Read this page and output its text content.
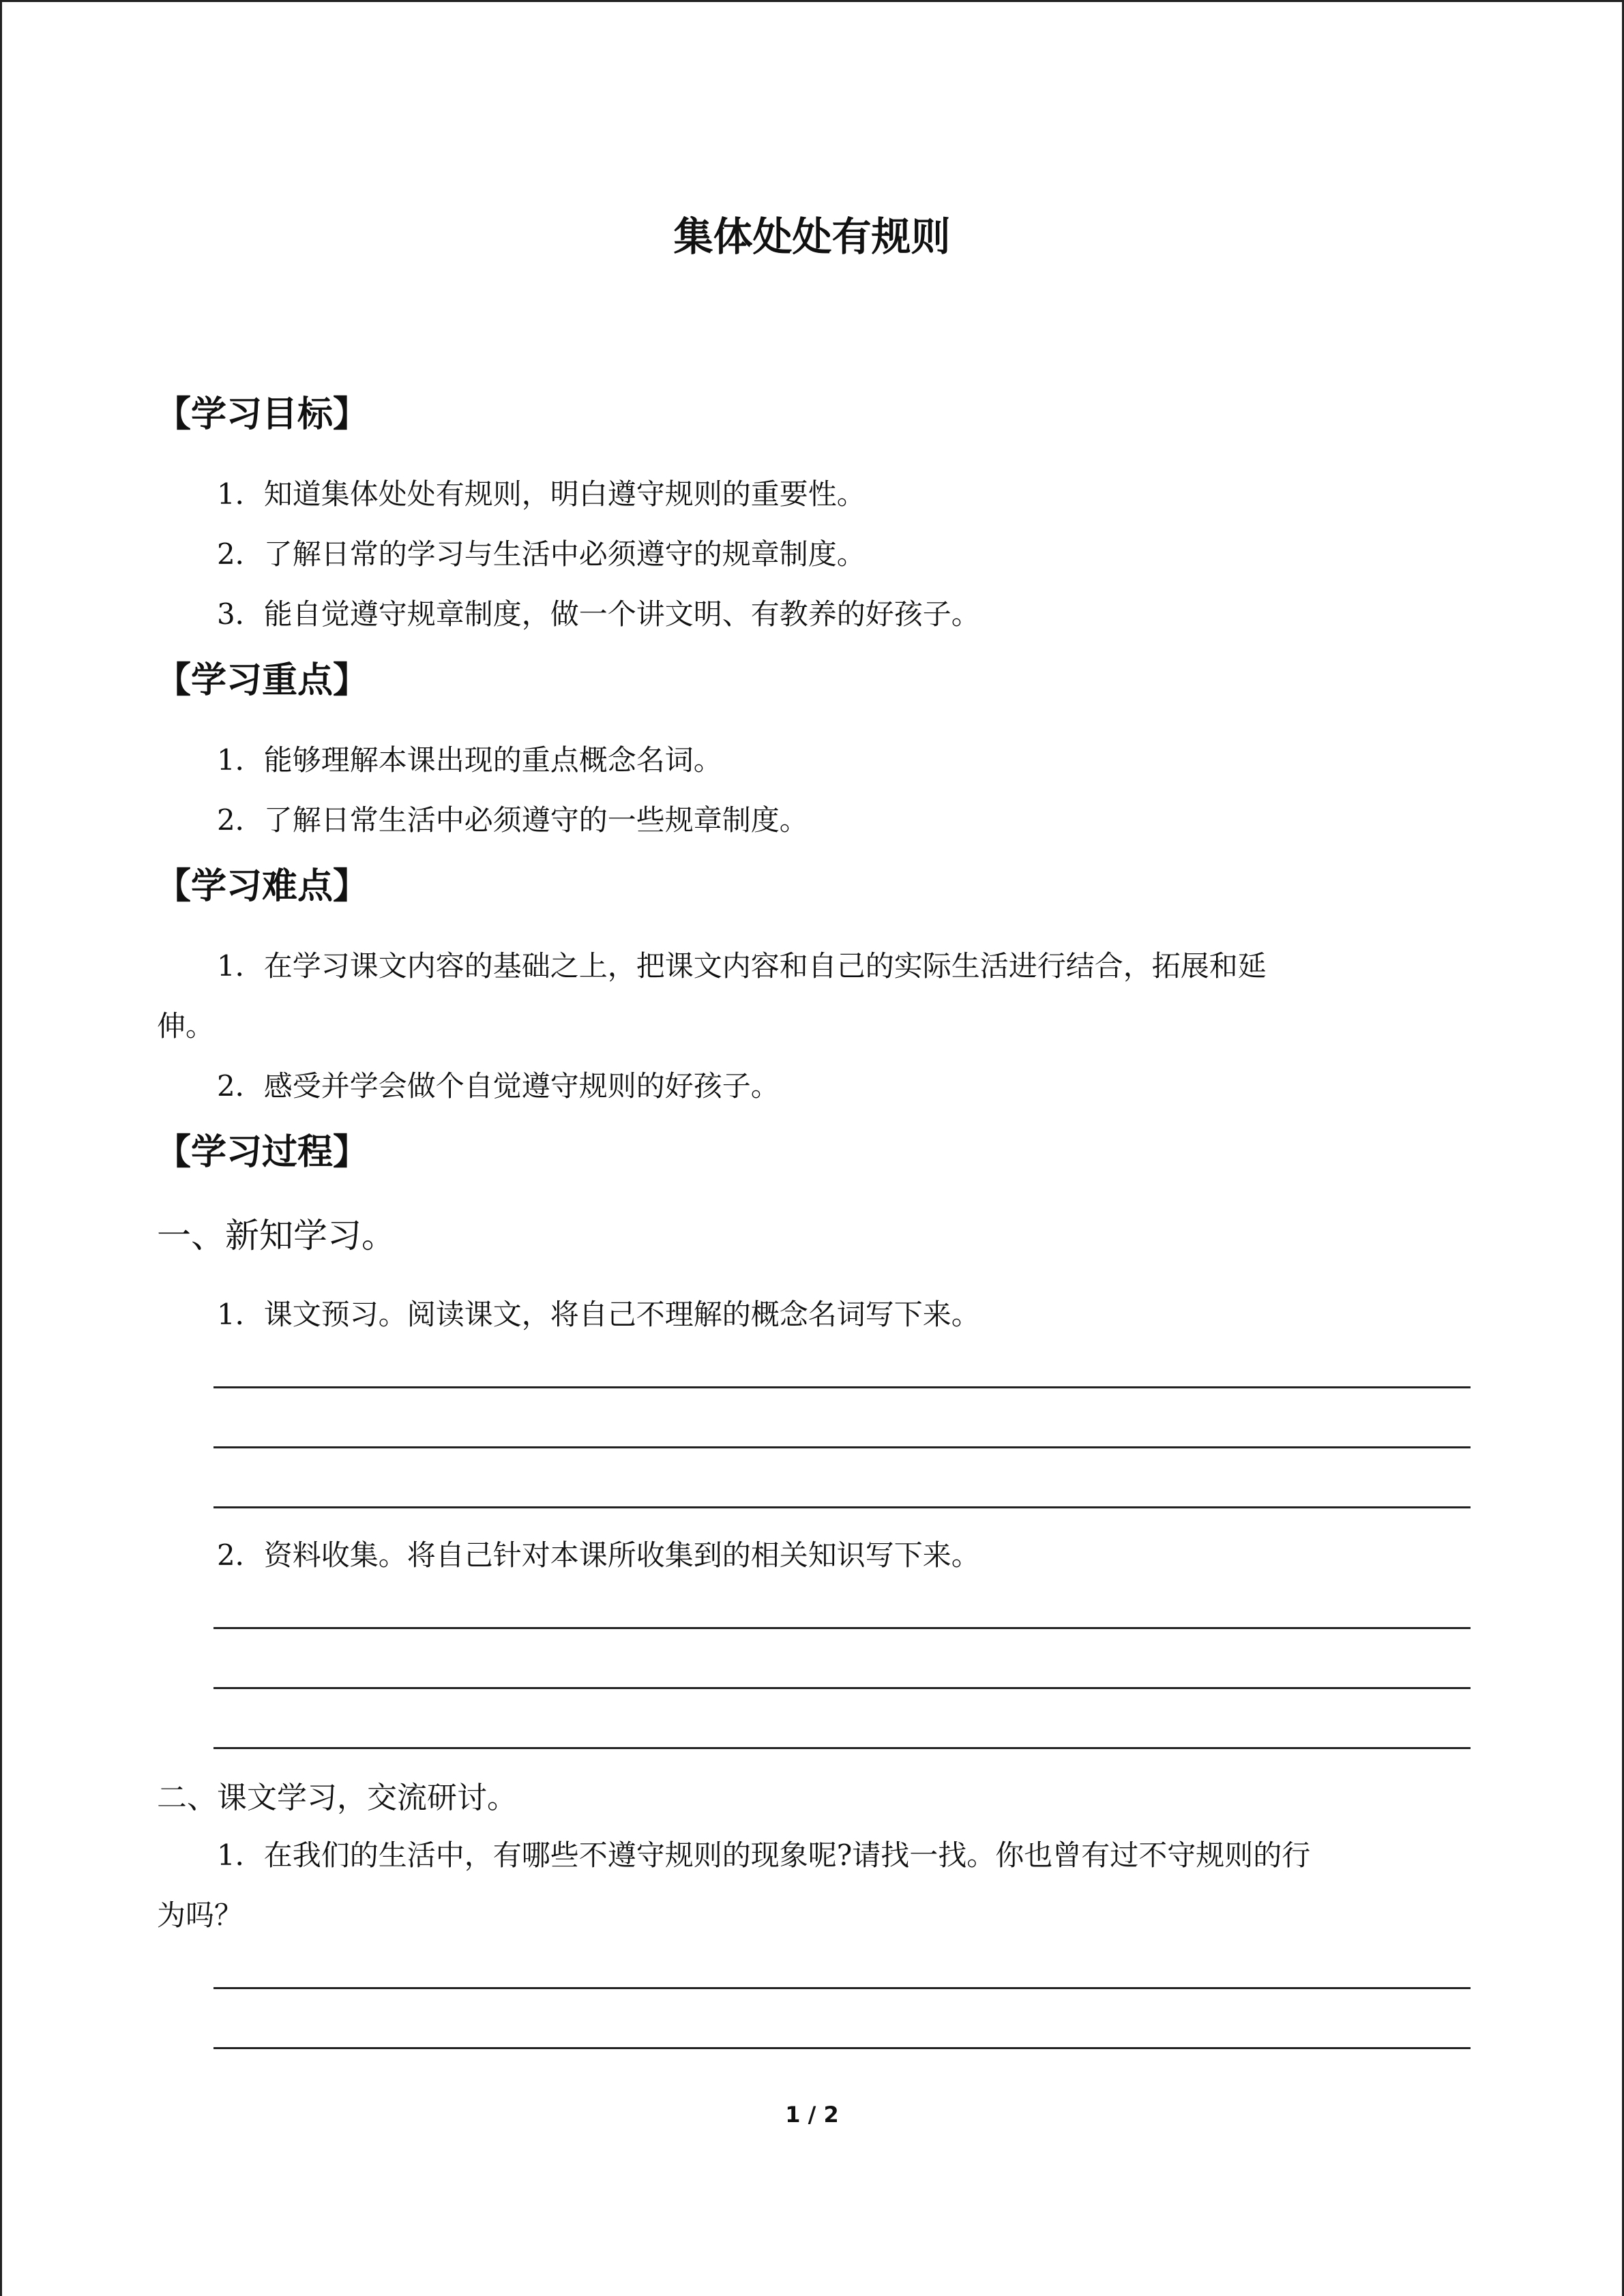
集体处处有规则
【学习目标】
1．知道集体处处有规则，明白遵守规则的重要性。
2．了解日常的学习与生活中必须遵守的规章制度。
3．能自觉遵守规章制度，做一个讲文明、有教养的好孩子。
【学习重点】
1．能够理解本课出现的重点概念名词。
2．了解日常生活中必须遵守的一些规章制度。
【学习难点】
1．在学习课文内容的基础之上，把课文内容和自己的实际生活进行结合，拓展和延
伸。
2．感受并学会做个自觉遵守规则的好孩子。
【学习过程】
一、新知学习。
1．课文预习。阅读课文，将自己不理解的概念名词写下来。
2．资料收集。将自己针对本课所收集到的相关知识写下来。
二、课文学习，交流研讨。
1．在我们的生活中，有哪些不遵守规则的现象呢?请找一找。你也曾有过不守规则的行
为吗？
1 / 2
